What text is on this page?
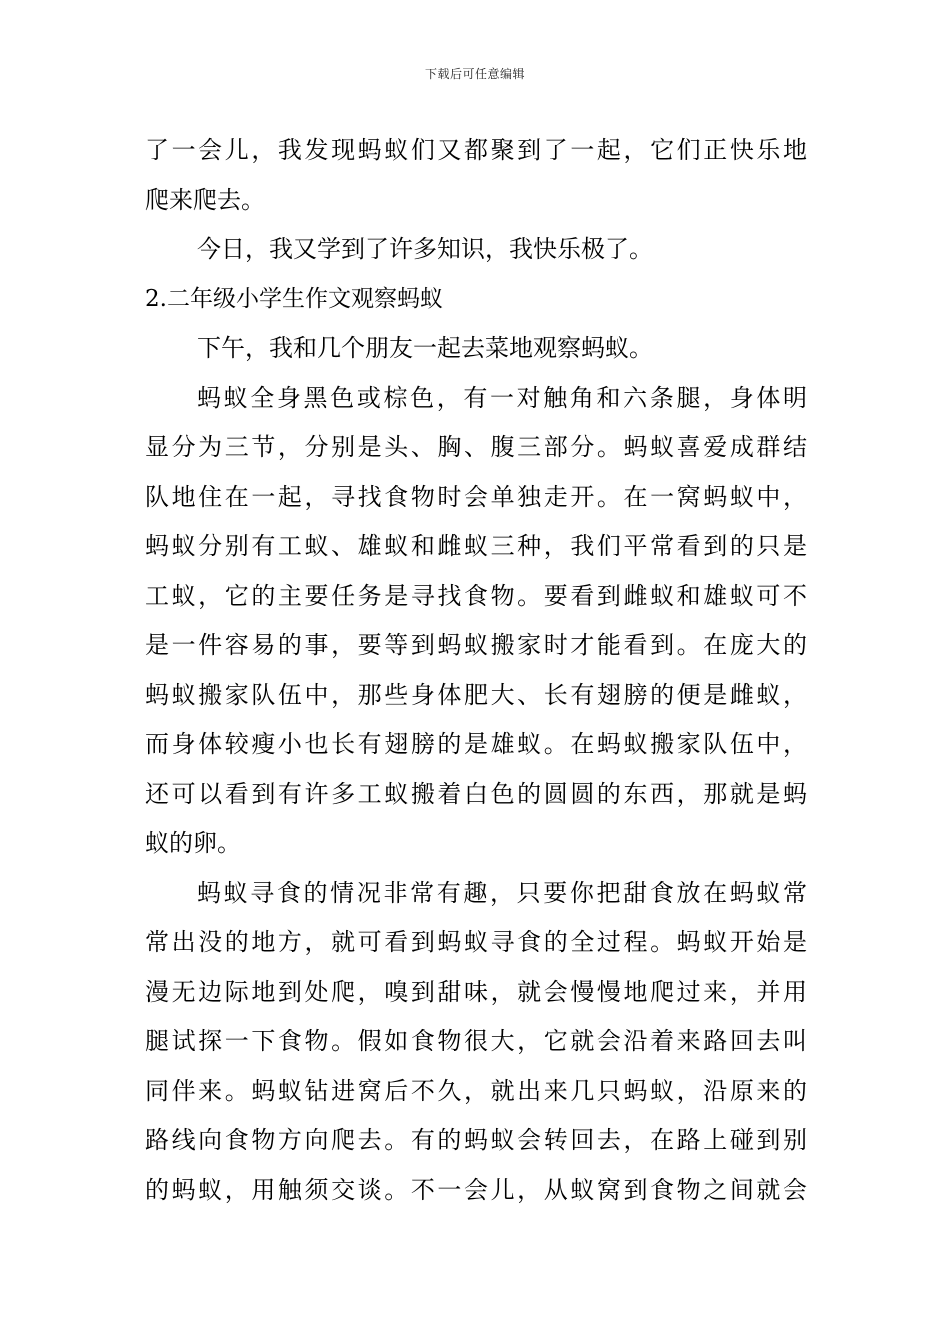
下载后可任意编辑
了一会儿，我发现蚂蚁们又都聚到了一起，它们正快乐地
爬来爬去。
今日，我又学到了许多知识，我快乐极了。
2.二年级小学生作文观察蚂蚁
下午，我和几个朋友一起去菜地观察蚂蚁。
蚂蚁全身黑色或棕色，有一对触角和六条腿，身体明
显分为三节，分别是头、胸、腹三部分。蚂蚁喜爱成群结
队地住在一起，寻找食物时会单独走开。在一窝蚂蚁中，
蚂蚁分别有工蚁、雄蚁和雌蚁三种，我们平常看到的只是
工蚁，它的主要任务是寻找食物。要看到雌蚁和雄蚁可不
是一件容易的事，要等到蚂蚁搬家时才能看到。在庞大的
蚂蚁搬家队伍中，那些身体肥大、长有翅膀的便是雌蚁，
而身体较瘦小也长有翅膀的是雄蚁。在蚂蚁搬家队伍中，
还可以看到有许多工蚁搬着白色的圆圆的东西，那就是蚂
蚁的卵。
蚂蚁寻食的情况非常有趣，只要你把甜食放在蚂蚁常
常出没的地方，就可看到蚂蚁寻食的全过程。蚂蚁开始是
漫无边际地到处爬，嗅到甜味，就会慢慢地爬过来，并用
腿试探一下食物。假如食物很大，它就会沿着来路回去叫
同伴来。蚂蚁钻进窝后不久，就出来几只蚂蚁，沿原来的
路线向食物方向爬去。有的蚂蚁会转回去，在路上碰到别
的蚂蚁，用触须交谈。不一会儿，从蚁窝到食物之间就会
